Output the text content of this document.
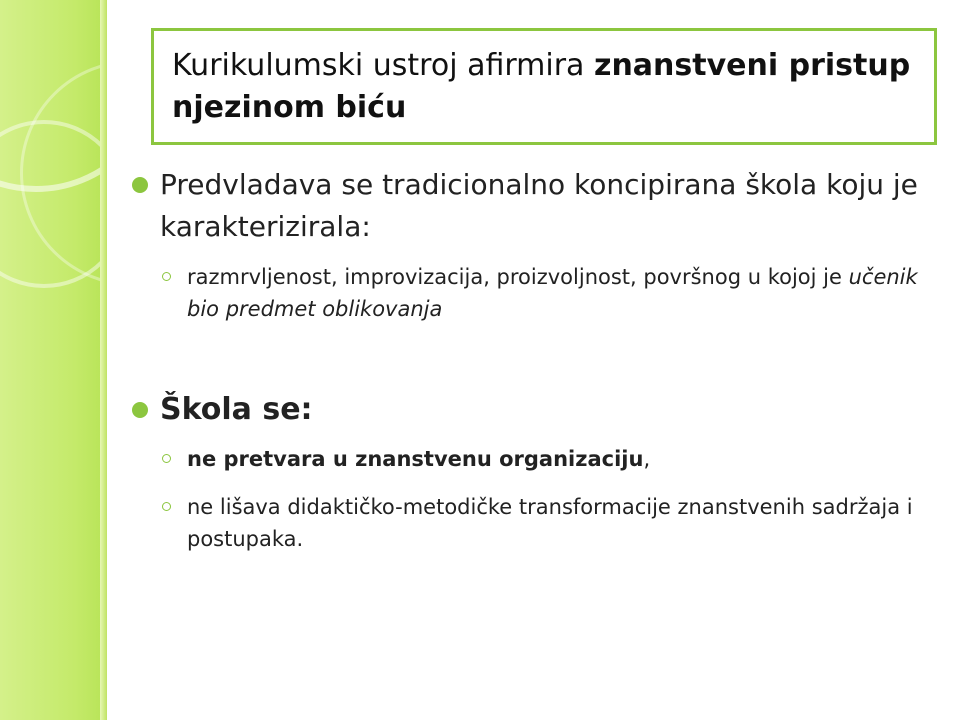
Kurikulumski ustroj afirmira znanstveni pristup njezinom biću
Predvladava se tradicionalno koncipirana škola koju je karakterizirala:
razmrvljenost, improvizacija, proizvoljnost, površnog u kojoj je učenik bio predmet oblikovanja
Škola se:
ne pretvara u znanstvenu organizaciju,
ne lišava didaktičko-metodičke transformacije znanstvenih sadržaja i postupaka.
